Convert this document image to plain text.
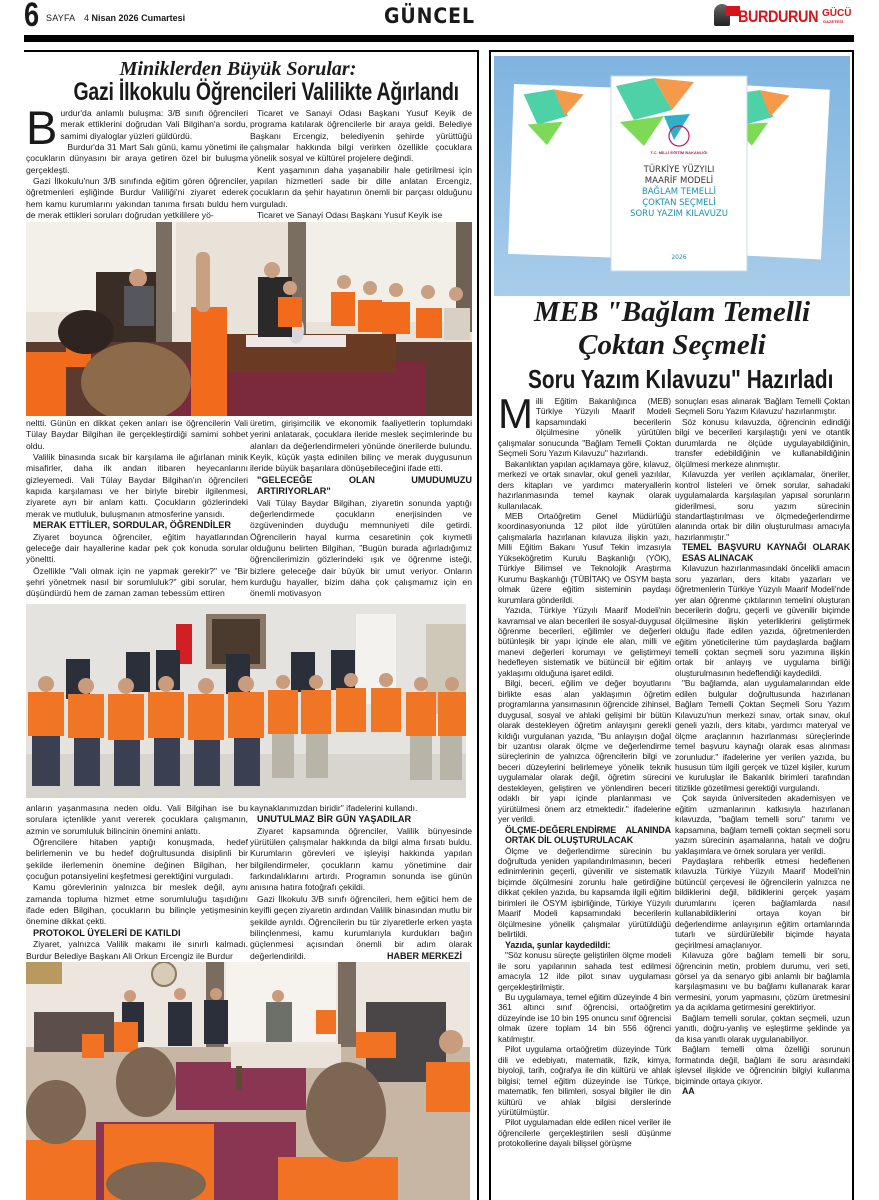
6 SAYFA 4 Nisan 2026 Cumartesi	GÜNCEL	BURDURUN GÜCÜ
GAZETESİ
Miniklerden Büyük Sorular:
Gazi İlkokulu Öğrencileri Valilikte Ağırlandı

Burdur'da anlamlı buluşma: 3/B sınıfı öğrencileri merak ettiklerini doğrudan Vali Bilgihan'a sordu, samimi diyaloglar yüzleri güldürdü.

Burdur'da 31 Mart Salı günü, kamu yönetimi ile çocukların dünyasını bir araya getiren özel bir buluşma gerçekleşti.

Gazi İlkokulu'nun 3/B sınıfında eğitim gören öğrenciler, öğretmenleri eşliğinde Burdur Valiliği'ni ziyaret ederek hem kamu kurumlarını yakından tanıma fırsatı buldu hem de merak ettikleri soruları doğrudan yetkililere yö-

Ticaret ve Sanayi Odası Başkanı Yusuf Keyik de programa katılarak öğrencilerle bir araya geldi. Belediye Başkanı Ercengiz, belediyenin şehirde yürüttüğü çalışmalar hakkında bilgi verirken özellikle çocuklara yönelik sosyal ve kültürel projelere değindi.

Kent yaşamının daha yaşanabilir hale getirilmesi için yapılan hizmetleri sade bir dille anlatan Ercengiz, çocukların da şehir hayatının önemli bir parçası olduğunu vurguladı.

Ticaret ve Sanayi Odası Başkanı Yusuf Keyik ise

neltti. Günün en dikkat çeken anları ise öğrencilerin Vali Tülay Baydar Bilgihan ile gerçekleştirdiği samimi sohbet oldu.

Valilik binasında sıcak bir karşılama ile ağırlanan minik misafirler, daha ilk andan itibaren heyecanlarını gizleyemedi. Vali Tülay Baydar Bilgihan'ın öğrencileri kapıda karşılaması ve her biriyle birebir ilgilenmesi, ziyarete ayrı bir anlam kattı. Çocukların gözlerindeki merak ve mutluluk, buluşmanın atmosferine yansıdı.

MERAK ETTİLER, SORDULAR, ÖĞRENDİLER

Ziyaret boyunca öğrenciler, eğitim hayatlarından geleceğe dair hayallerine kadar pek çok konuda sorular yöneltti.

Özellikle "Vali olmak için ne yapmak gerekir?" ve "Bir şehri yönetmek nasıl bir sorumluluk?" gibi sorular, hem düşündürdü hem de zaman zaman tebessüm ettiren

üretim, girişimcilik ve ekonomik faaliyetlerin toplumdaki yerini anlatarak, çocuklara ileride meslek seçimlerinde bu alanları da değerlendirmeleri yönünde önerilerde bulundu. Keyik, küçük yaşta edinilen bilinç ve merak duygusunun ileride büyük başarılara dönüşebileceğini ifade etti.

"GELECEĞE OLAN UMUDUMUZU ARTIRIYORLAR"

Vali Tülay Baydar Bilgihan, ziyaretin sonunda yaptığı değerlendirmede çocukların enerjisinden ve özgüveninden duyduğu memnuniyeti dile getirdi. Öğrencilerin hayal kurma cesaretinin çok kıymetli olduğunu belirten Bilgihan, "Bugün burada ağırladığımız öğrencilerimizin gözlerindeki ışık ve öğrenme isteği, bizlere geleceğe dair büyük bir umut veriyor. Onların kurduğu hayaller, bizim daha çok çalışmamız için en önemli motivasyon

anların yaşanmasına neden oldu. Vali Bilgihan ise bu sorulara içtenlikle yanıt vererek çocuklara çalışmanın, azmin ve sorumluluk bilincinin önemini anlattı.

Öğrencilere hitaben yaptığı konuşmada, hedef belirlemenin ve bu hedef doğrultusunda disiplinli bir şekilde ilerlemenin önemine değinen Bilgihan, her çocuğun potansiyelini keşfetmesi gerektiğini vurguladı.

Kamu görevlerinin yalnızca bir meslek değil, aynı zamanda topluma hizmet etme sorumluluğu taşıdığını ifade eden Bilgihan, çocukların bu bilinçle yetişmesinin önemine dikkat çekti.

PROTOKOL ÜYELERİ DE KATILDI

Ziyaret, yalnızca Valilik makamı ile sınırlı kalmadı. Burdur Belediye Başkanı Ali Orkun Ercengiz ile Burdur

kaynaklarımızdan biridir" ifadelerini kullandı.

UNUTULMAZ BİR GÜN YAŞADILAR

Ziyaret kapsamında öğrenciler, Valilik bünyesinde yürütülen çalışmalar hakkında da bilgi alma fırsatı buldu. Kurumların görevleri ve işleyişi hakkında yapılan bilgilendirmeler, çocukların kamu yönetimine dair farkındalıklarını artırdı. Programın sonunda ise günün anısına hatıra fotoğrafı çekildi.

Gazi İlkokulu 3/B sınıfı öğrencileri, hem eğitici hem de keyifli geçen ziyaretin ardından Valilik binasından mutlu bir şekilde ayrıldı. Öğrencilerin bu tür ziyaretlerle erken yaşta bilinçlenmesi, kamu kurumlarıyla kurdukları bağın güçlenmesi açısından önemli bir adım olarak değerlendirildi.	HABER MERKEZİ
T.C. MİLLİ EĞİTİM BAKANLIĞI
TÜRKİYE YÜZYILI
MAARİF MODELİ
BAĞLAM TEMELLİ
ÇOKTAN SEÇMELİ
SORU YAZIM KILAVUZU
2026
MEB "Bağlam Temelli
Çoktan Seçmeli
Soru Yazım Kılavuzu" Hazırladı

Milli Eğitim Bakanlığınca (MEB) Türkiye Yüzyılı Maarif Modeli kapsamındaki becerilerin ölçülmesine yönelik yürütülen çalışmalar sonucunda "Bağlam Temelli Çoktan Seçmeli Soru Yazım Kılavuzu" hazırlandı.

Bakanlıktan yapılan açıklamaya göre, kılavuz, merkezi ve ortak sınavlar, okul geneli yazılılar, ders kitapları ve yardımcı materyallerin hazırlanmasında temel kaynak olarak kullanılacak.

MEB Ortaöğretim Genel Müdürlüğü koordinasyonunda 12 pilot ilde yürütülen çalışmalarla hazırlanan kılavuza ilişkin yazı, Milli Eğitim Bakanı Yusuf Tekin imzasıyla Yükseköğretim Kurulu Başkanlığı (YÖK), Türkiye Bilimsel ve Teknolojik Araştırma Kurumu Başkanlığı (TÜBİTAK) ve ÖSYM başta olmak üzere eğitim sisteminin paydaşı kurumlara gönderildi.

Yazıda, Türkiye Yüzyılı Maarif Modeli'nin kavramsal ve alan becerileri ile sosyal-duygusal öğrenme becerileri, eğilimler ve değerleri bütünleşik bir yapı içinde ele alan, milli ve manevi değerleri korumayı ve geliştirmeyi hedefleyen sistematik ve bütüncül bir eğitim yaklaşımı olduğuna işaret edildi.

Bilgi, beceri, eğilim ve değer boyutlarını birlikte esas alan yaklaşımın öğretim programlarına yansımasının öğrencide zihinsel, duygusal, sosyal ve ahlaki gelişimi bir bütün olarak destekleyen öğretim anlayışını gerekli kıldığı vurgulanan yazıda, "Bu anlayışın doğal bir uzantısı olarak ölçme ve değerlendirme süreçlerinin de yalnızca öğrencilerin bilgi ve beceri düzeylerini belirlemeye yönelik teknik uygulamalar olarak değil, öğretim sürecini destekleyen, geliştiren ve yönlendiren beceri odaklı bir yapı içinde planlanması ve yürütülmesi önem arz etmektedir." ifadelerine yer verildi.

ÖLÇME-DEĞERLENDİRME ALANINDA ORTAK DİL OLUŞTURULACAK

Ölçme ve değerlendirme sürecinin bu doğrultuda yeniden yapılandırılmasının, beceri edinimlerinin geçerli, güvenilir ve sistematik biçimde ölçülmesini zorunlu hale getirdiğine dikkat çekilen yazıda, bu kapsamda ilgili eğitim birimleri ile ÖSYM işbirliğinde, Türkiye Yüzyılı Maarif Modeli kapsamındaki becerilerin ölçülmesine yönelik çalışmalar yürütüldüğü belirtildi.

Yazıda, şunlar kaydedildi:

"Söz konusu süreçte geliştirilen ölçme modeli ile soru yapılarının sahada test edilmesi amacıyla 12 ilde pilot sınav uygulaması gerçekleştirilmiştir.

Bu uygulamaya, temel eğitim düzeyinde 4 bin 361 altıncı sınıf öğrencisi, ortaöğretim düzeyinde ise 10 bin 195 onuncu sınıf öğrencisi olmak üzere toplam 14 bin 556 öğrenci katılmıştır.

Pilot uygulama ortaöğretim düzeyinde Türk dili ve edebiyatı, matematik, fizik, kimya, biyoloji, tarih, coğrafya ile din kültürü ve ahlak bilgisi; temel eğitim düzeyinde ise Türkçe, matematik, fen bilimleri, sosyal bilgiler ile din kültürü ve ahlak bilgisi derslerinde yürütülmüştür.

Pilot uygulamadan elde edilen nicel veriler ile öğrencilerle gerçekleştirilen sesli düşünme protokollerine dayalı bilişsel görüşme

sonuçları esas alınarak 'Bağlam Temelli Çoktan Seçmeli Soru Yazım Kılavuzu' hazırlanmıştır.

Söz konusu kılavuzda, öğrencinin edindiği bilgi ve becerileri karşılaştığı yeni ve otantik durumlarda ne ölçüde uygulayabildiğinin, transfer edebildiğinin ve kullanabildiğinin ölçülmesi merkeze alınmıştır.

Kılavuzda yer verilen açıklamalar, öneriler, kontrol listeleri ve örnek sorular, sahadaki uygulamalarda karşılaşılan yapısal sorunların giderilmesi, soru yazım sürecinin standartlaştırılması ve ölçmedeğerlendirme alanında ortak bir dilin oluşturulması amacıyla hazırlanmıştır."

TEMEL BAŞVURU KAYNAĞI OLARAK ESAS ALINACAK

Kılavuzun hazırlanmasındaki öncelikli amacın soru yazarları, ders kitabı yazarları ve öğretmenlerin Türkiye Yüzyılı Maarif Modeli'nde yer alan öğrenme çıktılarının temelini oluşturan becerilerin doğru, geçerli ve güvenilir biçimde ölçülmesine ilişkin yeterliklerini geliştirmek olduğu ifade edilen yazıda, öğretmenlerden eğitim yöneticilerine tüm paydaşlarda bağlam temelli çoktan seçmeli soru yazımına ilişkin ortak bir anlayış ve uygulama birliği oluşturulmasının hedeflendiği kaydedildi.

"Bu bağlamda, alan uygulamalarından elde edilen bulgular doğrultusunda hazırlanan Bağlam Temelli Çoktan Seçmeli Soru Yazım Kılavuzu'nun merkezi sınav, ortak sınav, okul geneli yazılı, ders kitabı, yardımcı materyal ve ölçme araçlarının hazırlanması süreçlerinde temel başvuru kaynağı olarak esas alınması zorunludur." ifadelerine yer verilen yazıda, bu hususun tüm ilgili gerçek ve tüzel kişiler, kurum ve kuruluşlar ile Bakanlık birimleri tarafından titizlikle gözetilmesi gerektiği vurgulandı.

Çok sayıda üniversiteden akademisyen ve eğitim uzmanlarının katkısıyla hazırlanan kılavuzda, "bağlam temelli soru" tanımı ve kapsamına, bağlam temelli çoktan seçmeli soru yazım sürecinin aşamalarına, hatalı ve doğru yaklaşımlara ve örnek sorulara yer verildi.

Paydaşlara rehberlik etmesi hedeflenen kılavuzla Türkiye Yüzyılı Maarif Modeli'nin bütüncül çerçevesi ile öğrencilerin yalnızca ne bildiklerini değil, bildiklerini gerçek yaşam durumlarını içeren bağlamlarda nasıl kullanabildiklerini ortaya koyan bir değerlendirme anlayışının eğitim ortamlarında tutarlı ve sürdürülebilir biçimde hayata geçirilmesi amaçlanıyor.

Kılavuza göre bağlam temelli bir soru, öğrencinin metin, problem durumu, veri seti, görsel ya da senaryo gibi anlamlı bir bağlamla karşılaşmasını ve bu bağlamı kullanarak karar vermesini, yorum yapmasını, çözüm üretmesini ya da açıklama getirmesini gerektiriyor.

Bağlam temelli sorular, çoktan seçmeli, uzun yanıtlı, doğru-yanlış ve eşleştirme şeklinde ya da kısa yanıtlı olarak uygulanabiliyor.

Bağlam temelli olma özelliği sorunun formatında değil, bağlam ile soru arasındaki işlevsel ilişkide ve öğrencinin bilgiyi kullanma biçiminde ortaya çıkıyor.

AA
